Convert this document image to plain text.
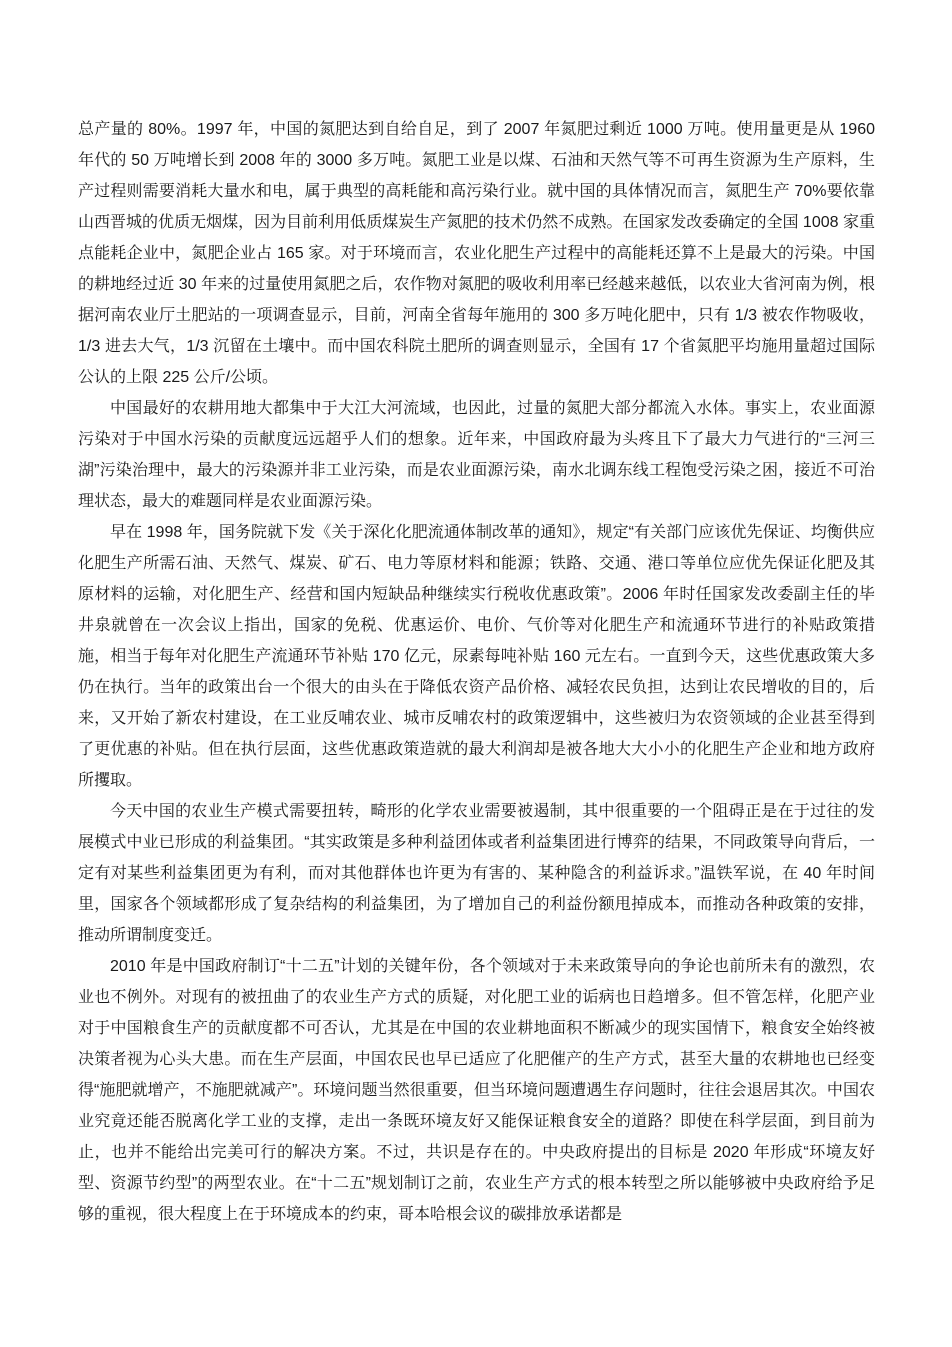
总产量的 80%。1997 年，中国的氮肥达到自给自足，到了 2007 年氮肥过剩近 1000 万吨。使用量更是从 1960 年代的 50 万吨增长到 2008 年的 3000 多万吨。氮肥工业是以煤、石油和天然气等不可再生资源为生产原料，生产过程则需要消耗大量水和电，属于典型的高耗能和高污染行业。就中国的具体情况而言，氮肥生产 70%要依靠山西晋城的优质无烟煤，因为目前利用低质煤炭生产氮肥的技术仍然不成熟。在国家发改委确定的全国 1008 家重点能耗企业中，氮肥企业占 165 家。对于环境而言，农业化肥生产过程中的高能耗还算不上是最大的污染。中国的耕地经过近 30 年来的过量使用氮肥之后，农作物对氮肥的吸收利用率已经越来越低，以农业大省河南为例，根据河南农业厅土肥站的一项调查显示，目前，河南全省每年施用的 300 多万吨化肥中，只有 1/3 被农作物吸收，1/3 进去大气，1/3 沉留在土壤中。而中国农科院土肥所的调查则显示，全国有 17 个省氮肥平均施用量超过国际公认的上限 225 公斤/公顷。

中国最好的农耕用地大都集中于大江大河流域，也因此，过量的氮肥大部分都流入水体。事实上，农业面源污染对于中国水污染的贡献度远远超乎人们的想象。近年来，中国政府最为头疼且下了最大力气进行的“三河三湖”污染治理中，最大的污染源并非工业污染，而是农业面源污染，南水北调东线工程饱受污染之困，接近不可治理状态，最大的难题同样是农业面源污染。

早在 1998 年，国务院就下发《关于深化化肥流通体制改革的通知》，规定“有关部门应该优先保证、均衡供应化肥生产所需石油、天然气、煤炭、矿石、电力等原材料和能源；铁路、交通、港口等单位应优先保证化肥及其原材料的运输，对化肥生产、经营和国内短缺品种继续实行税收优惠政策”。2006 年时任国家发改委副主任的毕井泉就曾在一次会议上指出，国家的免税、优惠运价、电价、气价等对化肥生产和流通环节进行的补贴政策措施，相当于每年对化肥生产流通环节补贴 170 亿元，尿素每吨补贴 160 元左右。一直到今天，这些优惠政策大多仍在执行。当年的政策出台一个很大的由头在于降低农资产品价格、减轻农民负担，达到让农民增收的目的，后来，又开始了新农村建设，在工业反哺农业、城市反哺农村的政策逻辑中，这些被归为农资领域的企业甚至得到了更优惠的补贴。但在执行层面，这些优惠政策造就的最大利润却是被各地大大小小的化肥生产企业和地方政府所攫取。

今天中国的农业生产模式需要扭转，畸形的化学农业需要被遏制，其中很重要的一个阻碍正是在于过往的发展模式中业已形成的利益集团。“其实政策是多种利益团体或者利益集团进行博弈的结果，不同政策导向背后，一定有对某些利益集团更为有利，而对其他群体也许更为有害的、某种隐含的利益诉求。”温铁军说，在 40 年时间里，国家各个领域都形成了复杂结构的利益集团，为了增加自己的利益份额甩掉成本，而推动各种政策的安排，推动所谓制度变迁。

2010 年是中国政府制订“十二五”计划的关键年份，各个领域对于未来政策导向的争论也前所未有的激烈，农业也不例外。对现有的被扭曲了的农业生产方式的质疑，对化肥工业的诟病也日趋增多。但不管怎样，化肥产业对于中国粮食生产的贡献度都不可否认，尤其是在中国的农业耕地面积不断减少的现实国情下，粮食安全始终被决策者视为心头大患。而在生产层面，中国农民也早已适应了化肥催产的生产方式，甚至大量的农耕地也已经变得“施肥就增产，不施肥就减产”。环境问题当然很重要，但当环境问题遭遇生存问题时，往往会退居其次。中国农业究竟还能否脱离化学工业的支撑，走出一条既环境友好又能保证粮食安全的道路？即使在科学层面，到目前为止，也并不能给出完美可行的解决方案。不过，共识是存在的。中央政府提出的目标是 2020 年形成“环境友好型、资源节约型”的两型农业。在“十二五”规划制订之前，农业生产方式的根本转型之所以能够被中央政府给予足够的重视，很大程度上在于环境成本的约束，哥本哈根会议的碳排放承诺都是
